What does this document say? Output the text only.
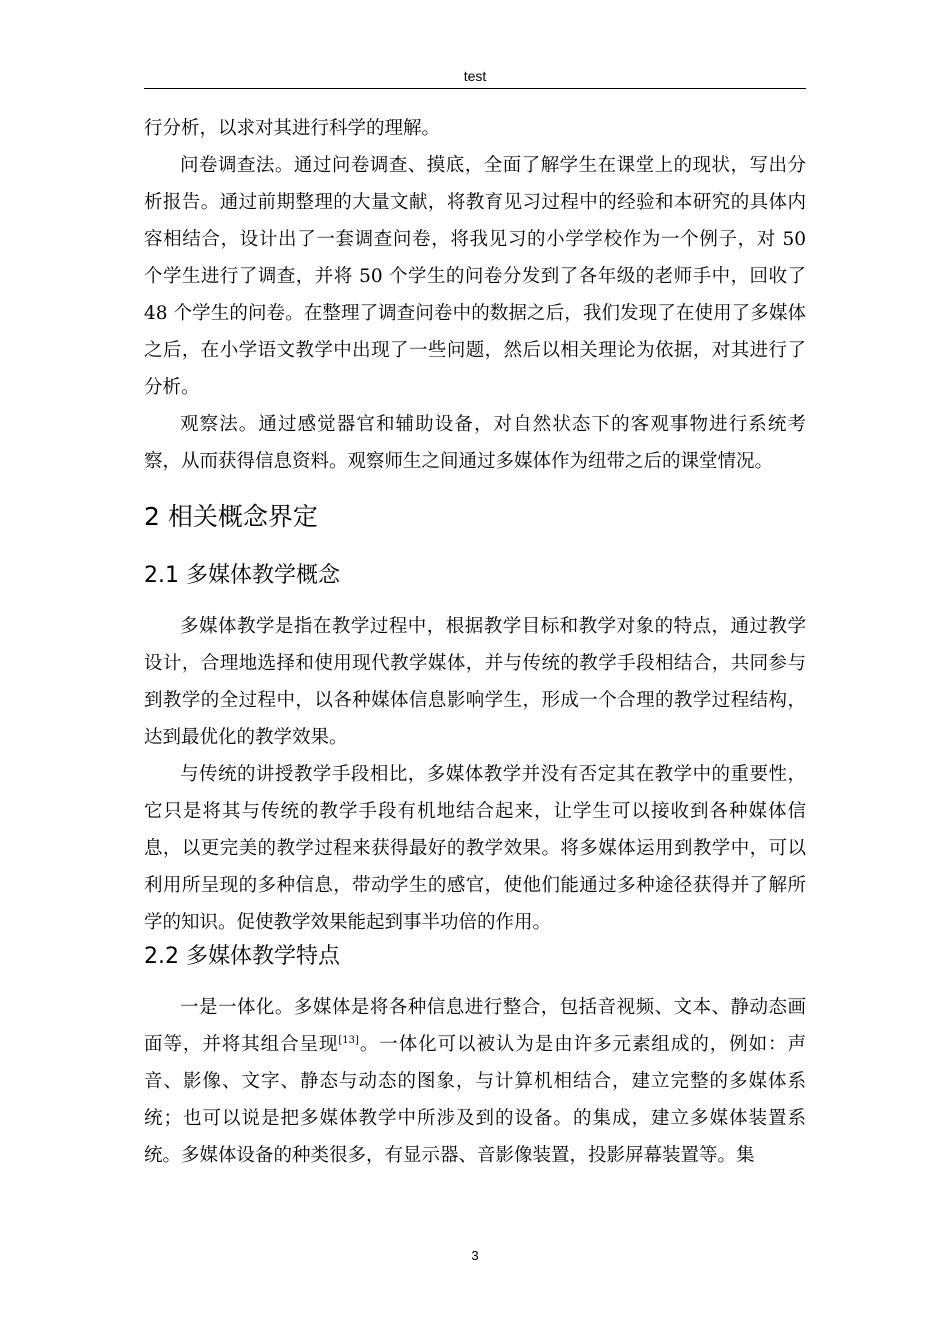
test

行分析，以求对其进行科学的理解。

问卷调查法。通过问卷调查、摸底，全面了解学生在课堂上的现状，写出分析报告。通过前期整理的大量文献，将教育见习过程中的经验和本研究的具体内容相结合，设计出了一套调查问卷，将我见习的小学学校作为一个例子，对 50 个学生进行了调查，并将 50 个学生的问卷分发到了各年级的老师手中，回收了 48 个学生的问卷。在整理了调查问卷中的数据之后，我们发现了在使用了多媒体之后，在小学语文教学中出现了一些问题，然后以相关理论为依据，对其进行了分析。

观察法。通过感觉器官和辅助设备，对自然状态下的客观事物进行系统考察，从而获得信息资料。观察师生之间通过多媒体作为纽带之后的课堂情况。

2 相关概念界定
2.1 多媒体教学概念

多媒体教学是指在教学过程中，根据教学目标和教学对象的特点，通过教学设计，合理地选择和使用现代教学媒体，并与传统的教学手段相结合，共同参与到教学的全过程中，以各种媒体信息影响学生，形成一个合理的教学过程结构，达到最优化的教学效果。

与传统的讲授教学手段相比，多媒体教学并没有否定其在教学中的重要性，它只是将其与传统的教学手段有机地结合起来，让学生可以接收到各种媒体信息，以更完美的教学过程来获得最好的教学效果。将多媒体运用到教学中，可以利用所呈现的多种信息，带动学生的感官，使他们能通过多种途径获得并了解所学的知识。促使教学效果能起到事半功倍的作用。

2.2 多媒体教学特点

一是一体化。多媒体是将各种信息进行整合，包括音视频、文本、静动态画面等，并将其组合呈现[13]。一体化可以被认为是由许多元素组成的，例如：声音、影像、文字、静态与动态的图象，与计算机相结合，建立完整的多媒体系统；也可以说是把多媒体教学中所涉及到的设备。的集成，建立多媒体装置系统。多媒体设备的种类很多，有显示器、音影像装置，投影屏幕装置等。集

3
